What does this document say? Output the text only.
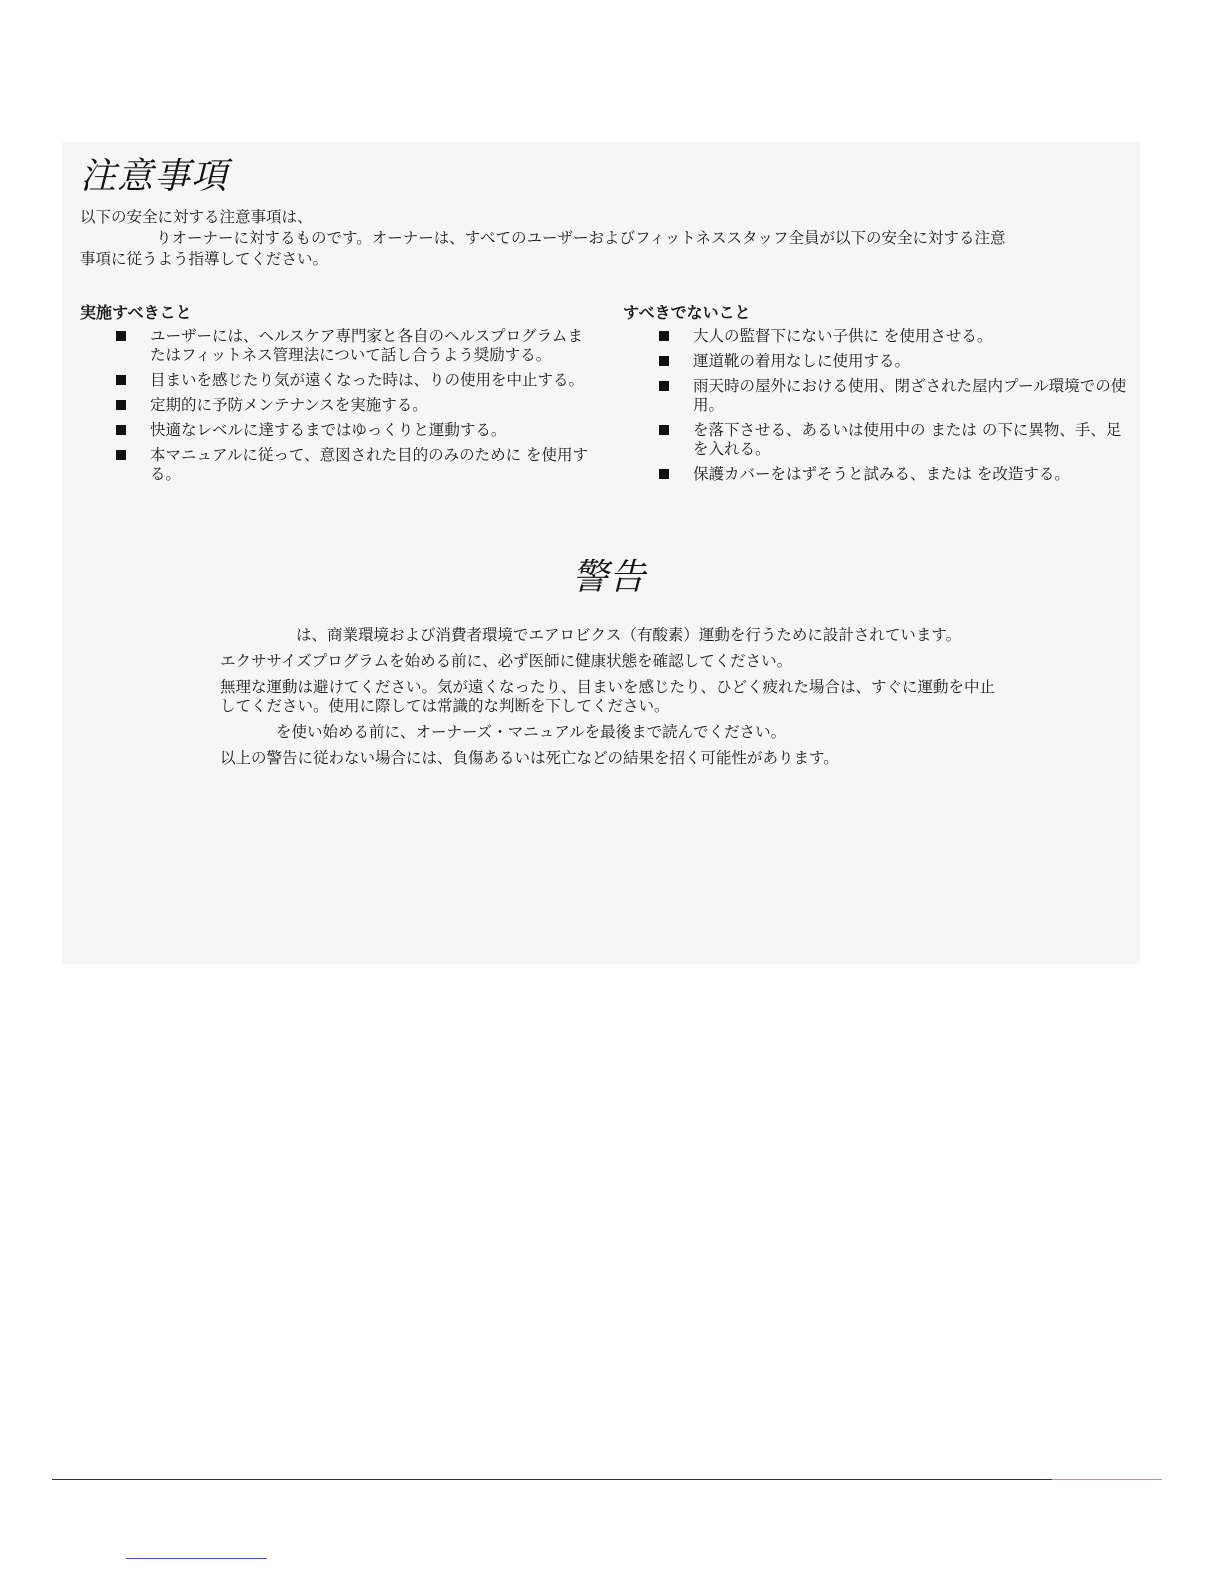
注意事項
以下の安全に対する注意事項は、
りオーナーに対するものです。オーナーは、すべてのユーザーおよびフィットネススタッフ全員が以下の安全に対する注意
事項に従うよう指導してください。
実施すべきこと
ユーザーには、ヘルスケア専門家と各自のヘルスプログラムまたはフィットネス管理法について話し合うよう奨励する。
目まいを感じたり気が遠くなった時は、りの使用を中止する。
定期的に予防メンテナンスを実施する。
快適なレベルに達するまではゆっくりと運動する。
本マニュアルに従って、意図された目的のみのために を使用する。
すべきでないこと
大人の監督下にない子供に を使用させる。
運道靴の着用なしに使用する。
雨天時の屋外における使用、閉ざされた屋内プール環境での使用。
を落下させる、あるいは使用中の または の下に異物、手、足を入れる。
保護カバーをはずそうと試みる、または を改造する。
警告

は、商業環境および消費者環境でエアロビクス（有酸素）運動を行うために設計されています。

エクササイズプログラムを始める前に、必ず医師に健康状態を確認してください。

無理な運動は避けてください。気が遠くなったり、目まいを感じたり、ひどく疲れた場合は、すぐに運動を中止してください。使用に際しては常識的な判断を下してください。

を使い始める前に、オーナーズ・マニュアルを最後まで読んでください。

以上の警告に従わない場合には、負傷あるいは死亡などの結果を招く可能性があります。
